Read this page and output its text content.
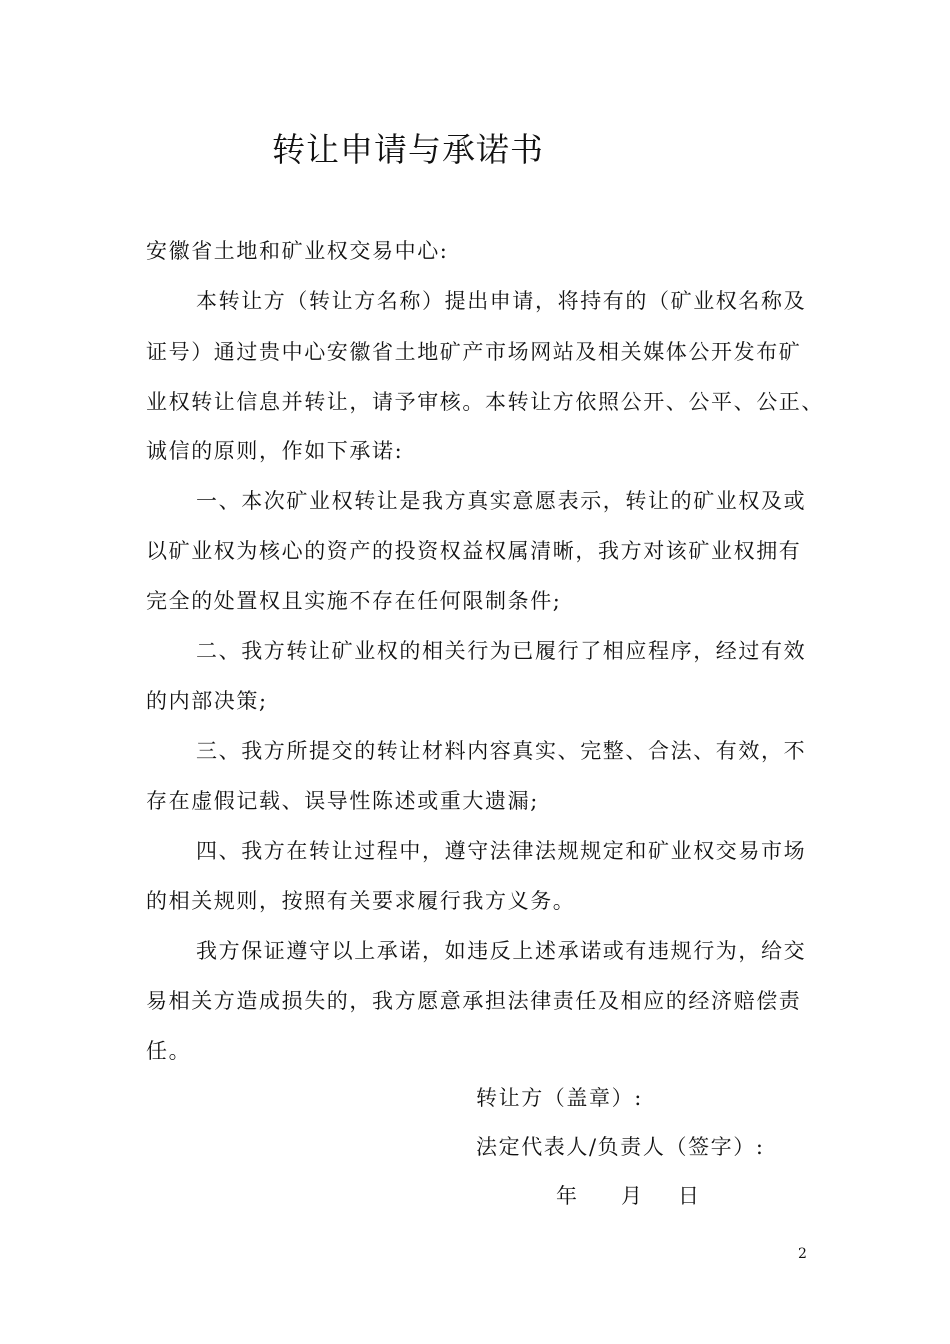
转让申请与承诺书
安徽省土地和矿业权交易中心:
本转让方（转让方名称）提出申请，将持有的（矿业权名称及
证号）通过贵中心安徽省土地矿产市场网站及相关媒体公开发布矿
业权转让信息并转让，请予审核。本转让方依照公开、公平、公正、
诚信的原则，作如下承诺:
一、本次矿业权转让是我方真实意愿表示，转让的矿业权及或
以矿业权为核心的资产的投资权益权属清晰，我方对该矿业权拥有
完全的处置权且实施不存在任何限制条件;
二、我方转让矿业权的相关行为已履行了相应程序，经过有效
的内部决策;
三、我方所提交的转让材料内容真实、完整、合法、有效，不
存在虚假记载、误导性陈述或重大遗漏;
四、我方在转让过程中，遵守法律法规规定和矿业权交易市场
的相关规则，按照有关要求履行我方义务。
我方保证遵守以上承诺，如违反上述承诺或有违规行为，给交
易相关方造成损失的，我方愿意承担法律责任及相应的经济赔偿责
任。
转让方（盖章）:
法定代表人/负责人（签字）:
年 月 日
2
